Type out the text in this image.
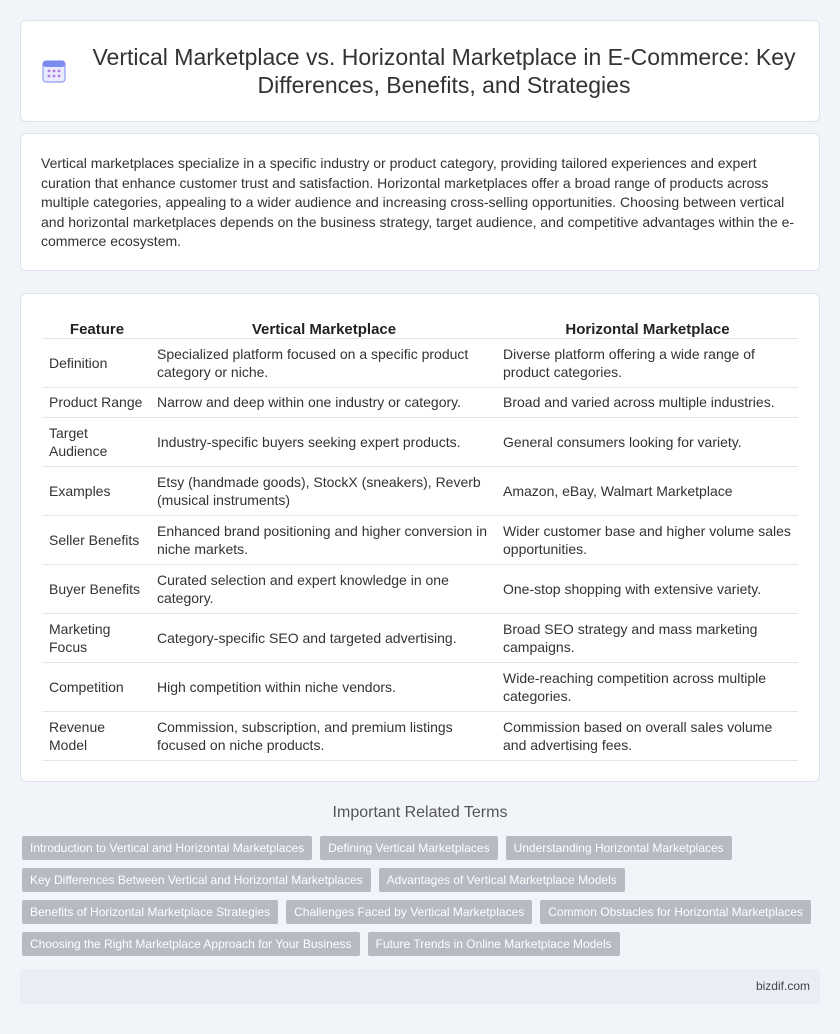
Vertical Marketplace vs. Horizontal Marketplace in E-Commerce: Key Differences, Benefits, and Strategies

Vertical marketplaces specialize in a specific industry or product category, providing tailored experiences and expert curation that enhance customer trust and satisfaction. Horizontal marketplaces offer a broad range of products across multiple categories, appealing to a wider audience and increasing cross-selling opportunities. Choosing between vertical and horizontal marketplaces depends on the business strategy, target audience, and competitive advantages within the e-commerce ecosystem.

Feature	Vertical Marketplace	Horizontal Marketplace
Definition	Specialized platform focused on a specific product category or niche.	Diverse platform offering a wide range of product categories.
Product Range	Narrow and deep within one industry or category.	Broad and varied across multiple industries.
Target Audience	Industry-specific buyers seeking expert products.	General consumers looking for variety.
Examples	Etsy (handmade goods), StockX (sneakers), Reverb (musical instruments)	Amazon, eBay, Walmart Marketplace
Seller Benefits	Enhanced brand positioning and higher conversion in niche markets.	Wider customer base and higher volume sales opportunities.
Buyer Benefits	Curated selection and expert knowledge in one category.	One-stop shopping with extensive variety.
Marketing Focus	Category-specific SEO and targeted advertising.	Broad SEO strategy and mass marketing campaigns.
Competition	High competition within niche vendors.	Wide-reaching competition across multiple categories.
Revenue Model	Commission, subscription, and premium listings focused on niche products.	Commission based on overall sales volume and advertising fees.
Important Related Terms
Introduction to Vertical and Horizontal Marketplaces	Defining Vertical Marketplaces	Understanding Horizontal Marketplaces
Key Differences Between Vertical and Horizontal Marketplaces	Advantages of Vertical Marketplace Models
Benefits of Horizontal Marketplace Strategies	Challenges Faced by Vertical Marketplaces	Common Obstacles for Horizontal Marketplaces
Choosing the Right Marketplace Approach for Your Business	Future Trends in Online Marketplace Models
bizdif.com
